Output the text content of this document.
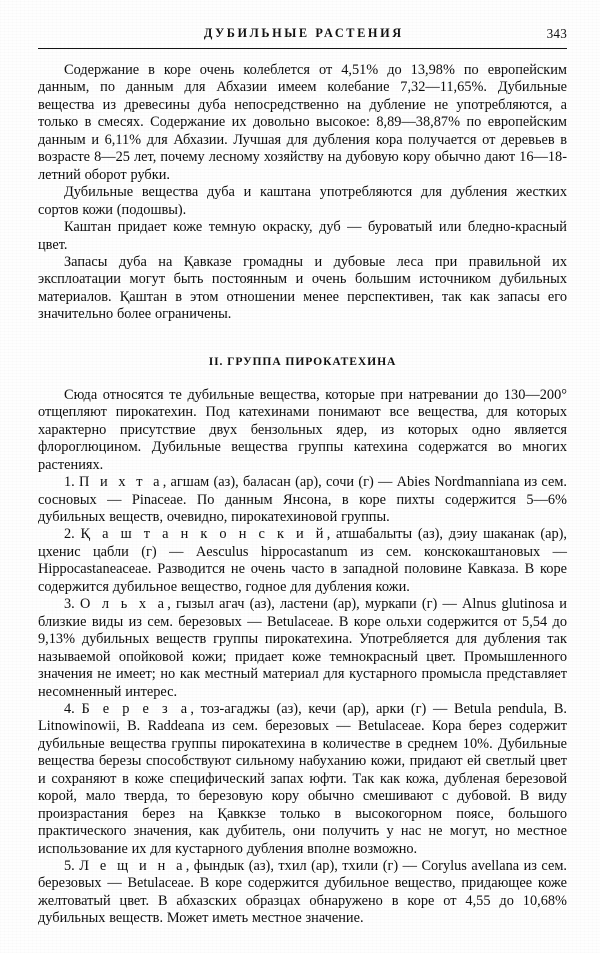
ДУБИЛЬНЫЕ РАСТЕНИЯ	343

Содержание в коре очень колеблется от 4,51% до 13,98% по европейским данным, по данным для Абхазии имеем колебание 7,32—11,65%. Дубильные вещества из древесины дуба непосредственно на дубление не употребляются, а только в смесях. Содержание их довольно высокое: 8,89—38,87% по европейским данным и 6,11% для Абхазии. Лучшая для дубления кора получается от деревьев в возрасте 8—25 лет, почему лесному хозяйству на дубовую кору обычно дают 16—18-летний оборот рубки.

Дубильные вещества дуба и каштана употребляются для дубления жестких сортов кожи (подошвы).

Каштан придает коже темную окраску, дуб — буроватый или бледно-красный цвет.

Запасы дуба на Қавказе громадны и дубовые леса при правильной их эксплоатации могут быть постоянным и очень большим источником дубильных материалов. Қаштан в этом отношении менее перспективен, так как запасы его значительно более ограничены.

II. ГРУППА ПИРОКАТЕХИНА

Сюда относятся те дубильные вещества, которые при натревании до 130—200° отщепляют пирокатехин. Под катехинами понимают все вещества, для которых характерно присутствие двух бензольных ядер, из которых одно является флороглюцином. Дубильные вещества группы катехина содержатся во многих растениях.

1. П и х т а, агшам (аз), баласан (ар), сочи (г) — Abies Nordmanniana из сем. сосновых — Pinaceae. По данным Янсона, в коре пихты содержится 5—6% дубильных веществ, очевидно, пирокатехиновой группы.

2. Қ а ш т а н к о н с к и й, атшабалыты (аз), дэиу шаканак (ар), цхенис цабли (г) — Aesculus hippocastanum из сем. конскокаштановых — Hippocastaneaceae. Разводится не очень часто в западной половине Кавказа. В коре содержится дубильное вещество, годное для дубления кожи.

3. О л ь х а, гызыл агач (аз), ластени (ар), муркапи (г) — Alnus glutinosa и близкие виды из сем. березовых — Betulaceae. В коре ольхи содержится от 5,54 до 9,13% дубильных веществ группы пирокатехина. Употребляется для дубления так называемой опойковой кожи; придает коже темнокрасный цвет. Промышленного значения не имеет; но как местный материал для кустарного промысла представляет несомненный интерес.

4. Б е р е з а, тоз-агаджы (аз), кечи (ар), арки (г) — Betula pendula, B. Litnowinowii, B. Raddeana из сем. березовых — Betulaceae. Кора берез содержит дубильные вещества группы пирокатехина в количестве в среднем 10%. Дубильные вещества березы способствуют сильному набуханию кожи, придают ей светлый цвет и сохраняют в коже специфический запах юфти. Так как кожа, дубленая березовой корой, мало тверда, то березовую кору обычно смешивают с дубовой. В виду произрастания берез на Қавккзе только в высокогорном поясе, большого практического значения, как дубитель, они получить у нас не могут, но местное использование их для кустарного дубления вполне возможно.

5. Л е щ и н а, фындык (аз), тхил (ар), тхили (г) — Corylus avellana из сем. березовых — Betulaceae. В коре содержится дубильное вещество, придающее коже желтоватый цвет. В абхазских образцах обнаружено в коре от 4,55 до 10,68% дубильных веществ. Может иметь местное значение.
